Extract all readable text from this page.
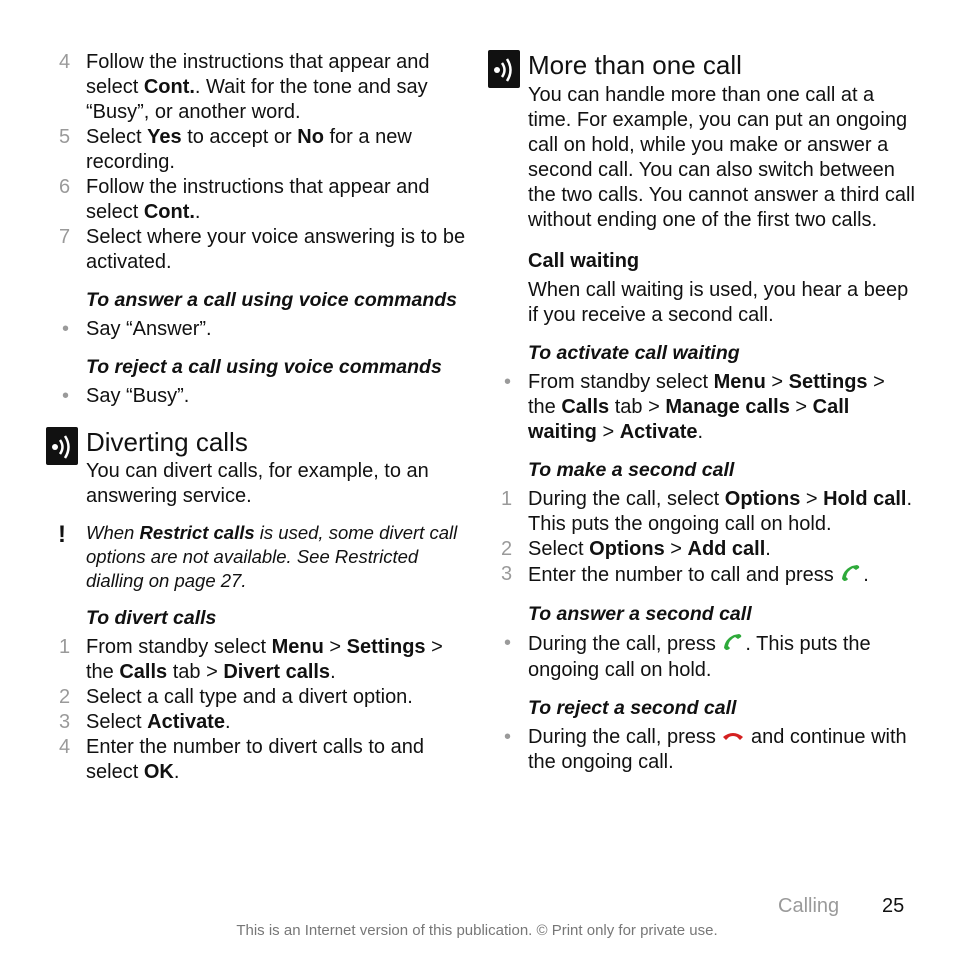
4 Follow the instructions that appear and select Cont.. Wait for the tone and say “Busy”, or another word.
5 Select Yes to accept or No for a new recording.
6 Follow the instructions that appear and select Cont..
7 Select where your voice answering is to be activated.
To answer a call using voice commands
• Say “Answer”.
To reject a call using voice commands
• Say “Busy”.
Diverting calls

You can divert calls, for example, to an answering service.

! When Restrict calls is used, some divert call options are not available. See Restricted dialling on page 27.
To divert calls
1 From standby select Menu > Settings > the Calls tab > Divert calls.
2 Select a call type and a divert option.
3 Select Activate.
4 Enter the number to divert calls to and select OK.
More than one call

You can handle more than one call at a time. For example, you can put an ongoing call on hold, while you make or answer a second call. You can also switch between the two calls. You cannot answer a third call without ending one of the first two calls.

Call waiting

When call waiting is used, you hear a beep if you receive a second call.

To activate call waiting
• From standby select Menu > Settings > the Calls tab > Manage calls > Call waiting > Activate.
To make a second call
1 During the call, select Options > Hold call. This puts the ongoing call on hold.
2 Select Options > Add call.
3 Enter the number to call and press .
To answer a second call
• During the call, press . This puts the ongoing call on hold.
To reject a second call
• During the call, press  and continue with the ongoing call.
Calling 25
This is an Internet version of this publication. © Print only for private use.
